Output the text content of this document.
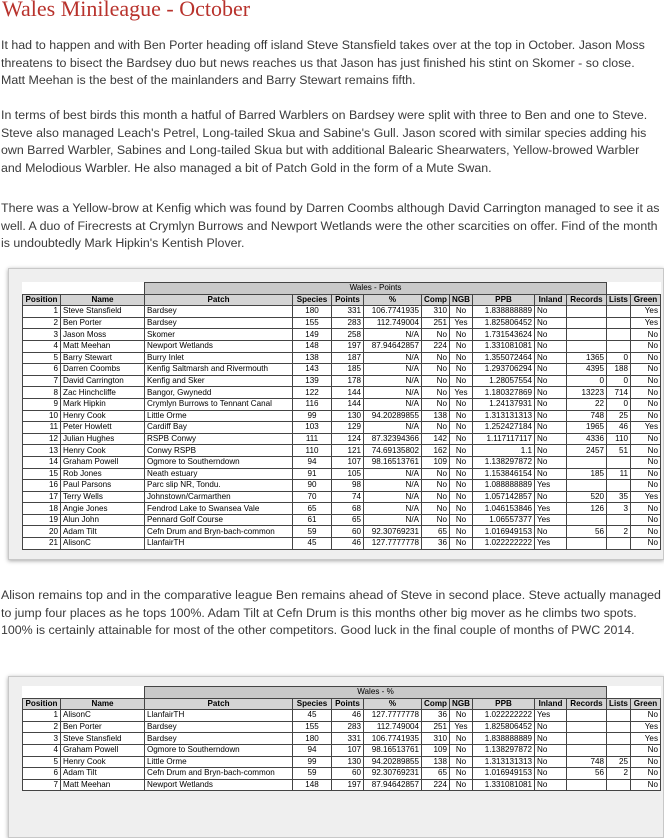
Wales Minileague - October

It had to happen and with Ben Porter heading off island Steve Stansfield takes over at the top in October. Jason Moss threatens to bisect the Bardsey duo but news reaches us that Jason has just finished his stint on Skomer - so close. Matt Meehan is the best of the mainlanders and Barry Stewart remains fifth.

In terms of best birds this month a hatful of Barred Warblers on Bardsey were split with three to Ben and one to Steve. Steve also managed Leach's Petrel, Long-tailed Skua and Sabine's Gull. Jason scored with similar species adding his own Barred Warbler, Sabines and Long-tailed Skua but with additional Balearic Shearwaters, Yellow-browed Warbler and Melodious Warbler. He also managed a bit of Patch Gold in the form of a Mute Swan.

There was a Yellow-brow at Kenfig which was found by Darren Coombs although David Carrington managed to see it as well. A duo of Firecrests at Crymlyn Burrows and Newport Wetlands were the other scarcities on offer. Find of the month is undoubtedly Mark Hipkin's Kentish Plover.

		Wales - Points										
Position	Name	Patch	Species	Points	%	Comp	NGB	PPB	Inland	Records	Lists	Green
1	Steve Stansfield	Bardsey	180	331	106.7741935	310	No	1.838888889	No			Yes
2	Ben Porter	Bardsey	155	283	112.749004	251	Yes	1.825806452	No			Yes
3	Jason Moss	Skomer	149	258	N/A	No	No	1.731543624	No			No
4	Matt Meehan	Newport Wetlands	148	197	87.94642857	224	No	1.331081081	No			No
5	Barry Stewart	Burry Inlet	138	187	N/A	No	No	1.355072464	No	1365	0	No
6	Darren Coombs	Kenfig Saltmarsh and Rivermouth	143	185	N/A	No	No	1.293706294	No	4395	188	No
7	David Carrington	Kenfig and Sker	139	178	N/A	No	No	1.28057554	No	0	0	No
8	Zac Hinchcliffe	Bangor, Gwynedd	122	144	N/A	No	Yes	1.180327869	No	13223	714	No
9	Mark Hipkin	Crymlyn Burrows to Tennant Canal	116	144	N/A	No	No	1.24137931	No	22	0	No
10	Henry Cook	Little Orme	99	130	94.20289855	138	No	1.313131313	No	748	25	No
11	Peter Howlett	Cardiff Bay	103	129	N/A	No	No	1.252427184	No	1965	46	Yes
12	Julian Hughes	RSPB Conwy	111	124	87.32394366	142	No	1.117117117	No	4336	110	No
13	Henry Cook	Conwy RSPB	110	121	74.69135802	162	No	1.1	No	2457	51	No
14	Graham Powell	Ogmore to Southerndown	94	107	98.16513761	109	No	1.138297872	No			No
15	Rob Jones	Neath estuary	91	105	N/A	No	No	1.153846154	No	185	11	No
16	Paul Parsons	Parc slip NR, Tondu.	90	98	N/A	No	No	1.088888889	Yes			No
17	Terry Wells	Johnstown/Carmarthen	70	74	N/A	No	No	1.057142857	No	520	35	Yes
18	Angie Jones	Fendrod Lake to Swansea Vale	65	68	N/A	No	No	1.046153846	Yes	126	3	No
19	Alun John	Pennard Golf Course	61	65	N/A	No	No	1.06557377	Yes			No
20	Adam Tilt	Cefn Drum and Bryn-bach-common	59	60	92.30769231	65	No	1.016949153	No	56	2	No
21	AlisonC	LlanfairTH	45	46	127.7777778	36	No	1.022222222	Yes			No

Alison remains top and in the comparative league Ben remains ahead of Steve in second place. Steve actually managed to jump four places as he tops 100%. Adam Tilt at Cefn Drum is this months other big mover as he climbs two spots. 100% is certainly attainable for most of the other competitors. Good luck in the final couple of months of PWC 2014.

		Wales - %										
Position	Name	Patch	Species	Points	%	Comp	NGB	PPB	Inland	Records	Lists	Green
1	AlisonC	LlanfairTH	45	46	127.7777778	36	No	1.022222222	Yes			No
2	Ben Porter	Bardsey	155	283	112.749004	251	Yes	1.825806452	No			Yes
3	Steve Stansfield	Bardsey	180	331	106.7741935	310	No	1.838888889	No			Yes
4	Graham Powell	Ogmore to Southerndown	94	107	98.16513761	109	No	1.138297872	No			No
5	Henry Cook	Little Orme	99	130	94.20289855	138	No	1.313131313	No	748	25	No
6	Adam Tilt	Cefn Drum and Bryn-bach-common	59	60	92.30769231	65	No	1.016949153	No	56	2	No
7	Matt Meehan	Newport Wetlands	148	197	87.94642857	224	No	1.331081081	No			No
